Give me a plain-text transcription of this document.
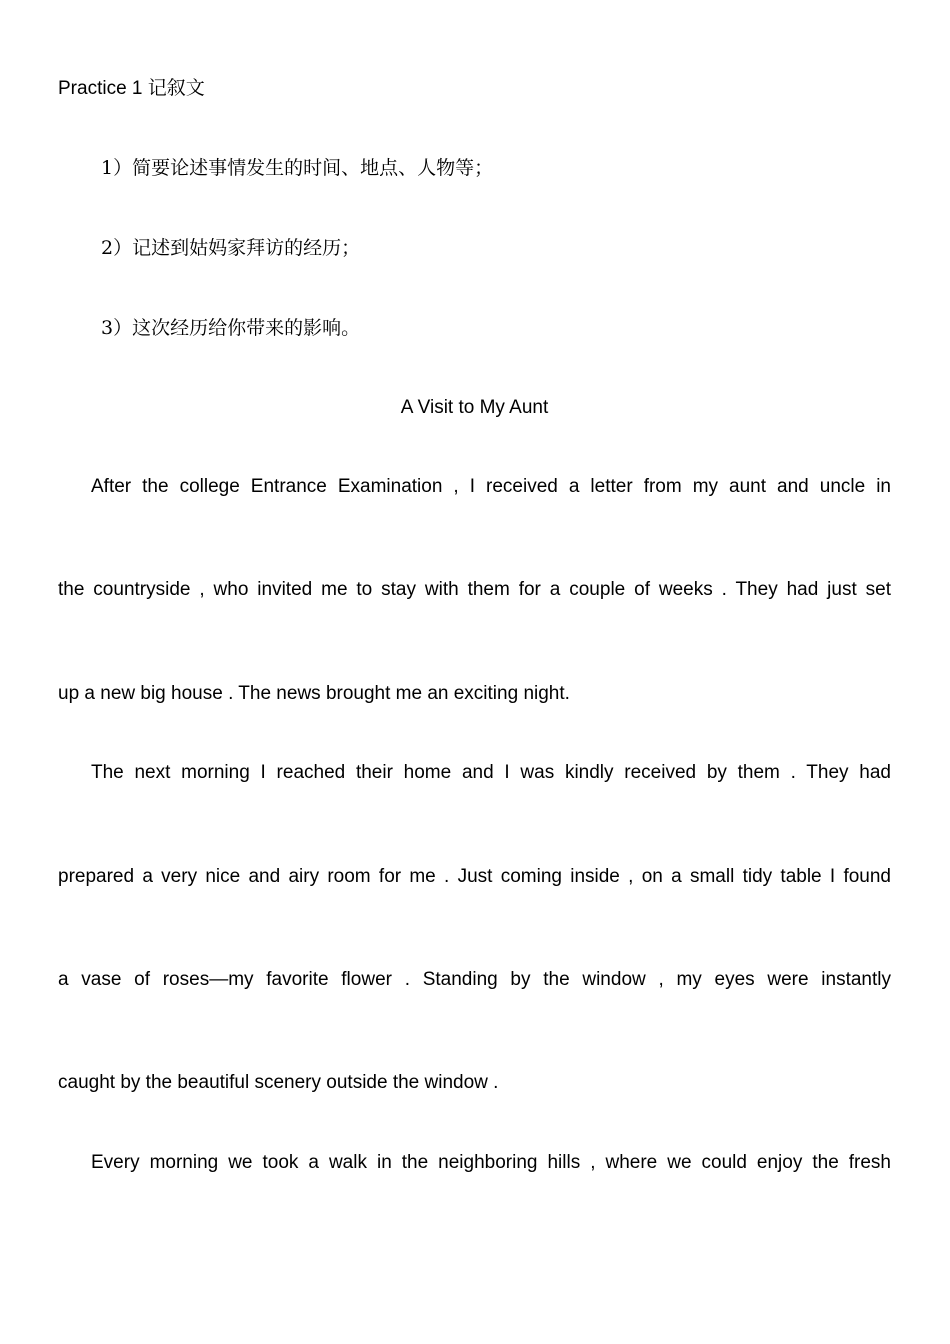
Practice 1 记叙文
1）简要论述事情发生的时间、地点、人物等；
2）记述到姑妈家拜访的经历；
3）这次经历给你带来的影响。
A Visit to My Aunt
After the college Entrance Examination , I received a letter from my aunt and uncle in
the countryside , who invited me to stay with them for a couple of weeks . They had just set
up a new big house . The news brought me an exciting night.
The next morning I reached their home and I was kindly received by them . They had
prepared a very nice and airy room for me . Just coming inside , on a small tidy table I found
a vase of roses—my favorite flower . Standing by the window , my eyes were instantly
caught by the beautiful scenery outside the window .
Every morning we took a walk in the neighboring hills , where we could enjoy the fresh
